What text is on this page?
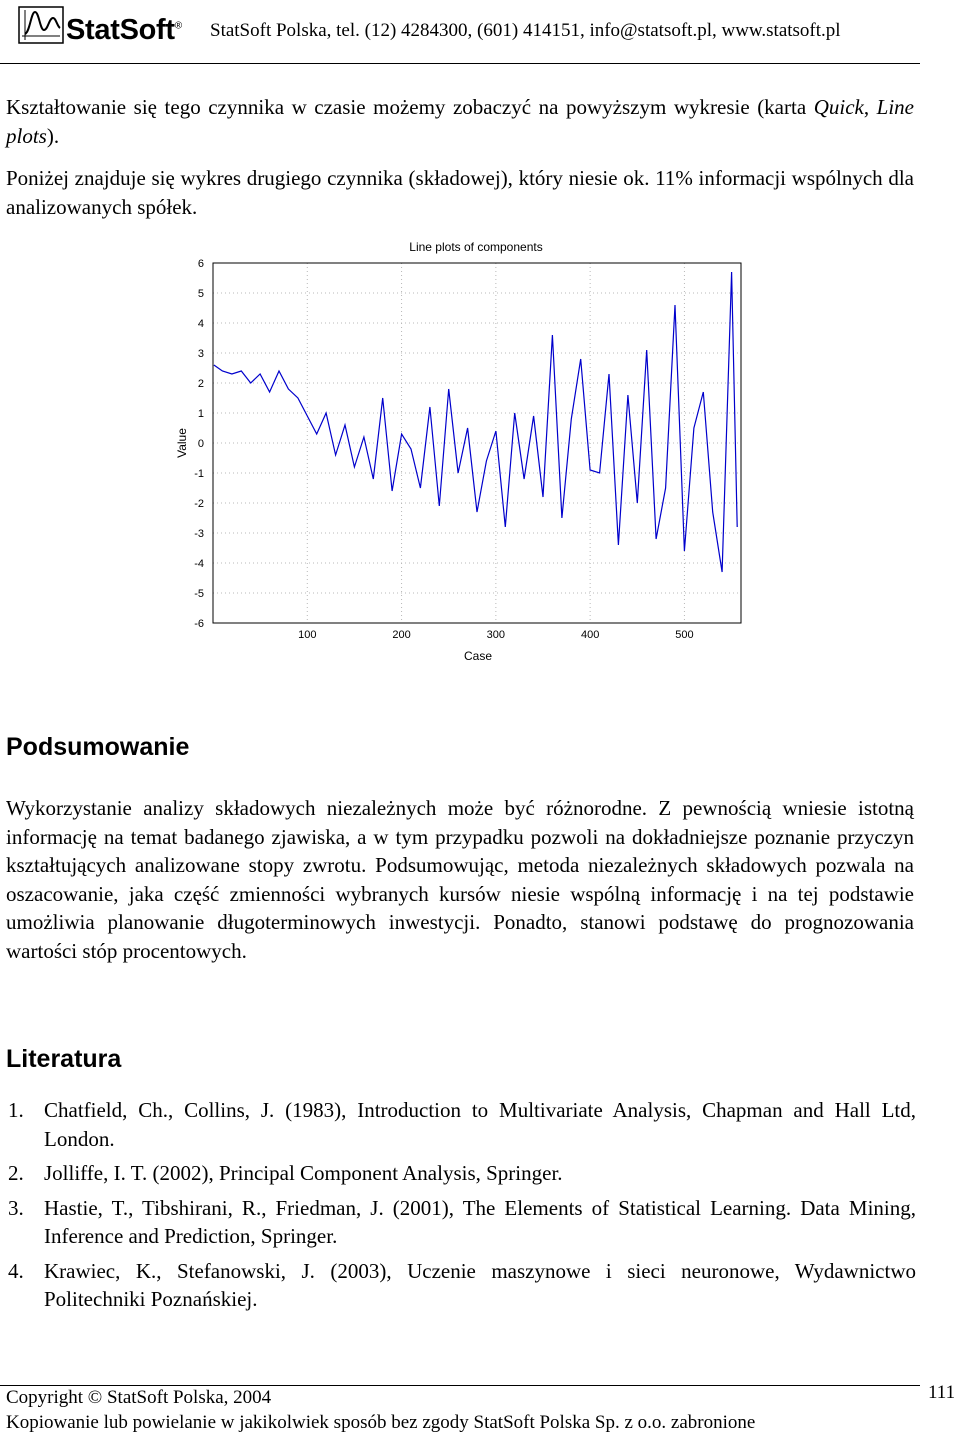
StatSoft® StatSoft Polska, tel. (12) 4284300, (601) 414151, info@statsoft.pl, www.statsoft.pl

Kształtowanie się tego czynnika w czasie możemy zobaczyć na powyższym wykresie (karta Quick, Line plots).

Poniżej znajduje się wykres drugiego czynnika (składowej), który niesie ok. 11% informacji wspólnych dla analizowanych spółek.

Line plots of components
6
5
4
3
2
1
0
-1
-2
-3
-4
-5
-6
100	200	300	400	500
Case
Value
Podsumowanie

Wykorzystanie analizy składowych niezależnych może być różnorodne. Z pewnością wniesie istotną informację na temat badanego zjawiska, a w tym przypadku pozwoli na dokładniejsze poznanie przyczyn kształtujących analizowane stopy zwrotu. Podsumowując, metoda niezależnych składowych pozwala na oszacowanie, jaka część zmienności wybranych kursów niesie wspólną informację i na tej podstawie umożliwia planowanie długoterminowych inwestycji. Ponadto, stanowi podstawę do prognozowania wartości stóp procentowych.

Literatura
1. Chatfield, Ch., Collins, J. (1983), Introduction to Multivariate Analysis, Chapman and Hall Ltd, London.
2. Jolliffe, I. T. (2002), Principal Component Analysis, Springer.
3. Hastie, T., Tibshirani, R., Friedman, J. (2001), The Elements of Statistical Learning. Data Mining, Inference and Prediction, Springer.
4. Krawiec, K., Stefanowski, J. (2003), Uczenie maszynowe i sieci neuronowe, Wydawnictwo Politechniki Poznańskiej.
Copyright © StatSoft Polska, 2004
Kopiowanie lub powielanie w jakikolwiek sposób bez zgody StatSoft Polska Sp. z o.o. zabronione
111
